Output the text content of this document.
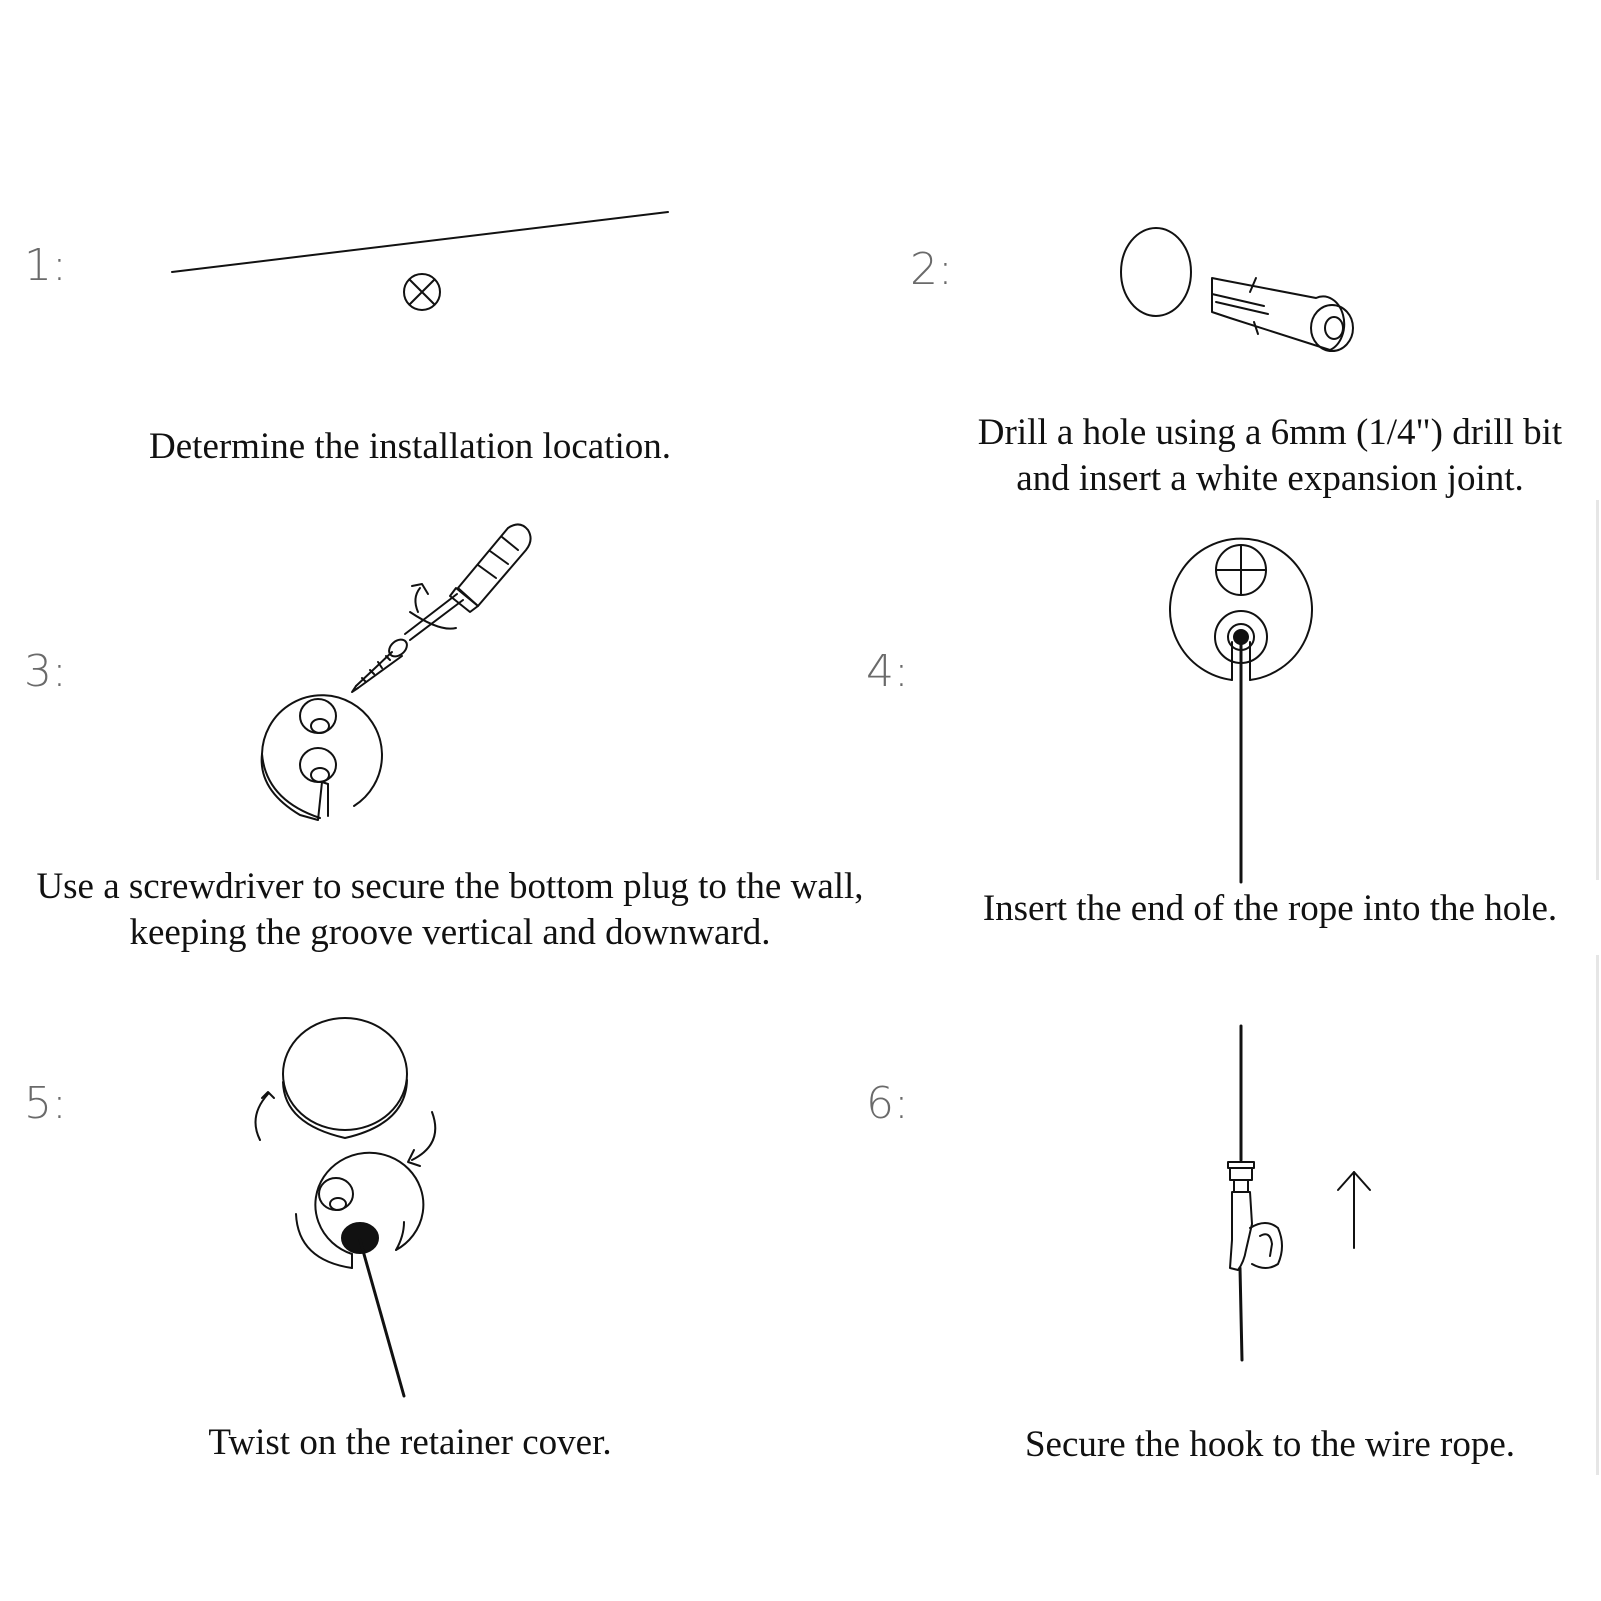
1:	2:
3:	4:
5:	6:
Determine the installation location.	Drill a hole using a 6mm (1/4") drill bit
and insert a white expansion joint.
Use a screwdriver to secure the bottom plug to the wall,
keeping the groove vertical and downward.
Insert the end of the rope into the hole.
Twist on the retainer cover.	Secure the hook to the wire rope.
